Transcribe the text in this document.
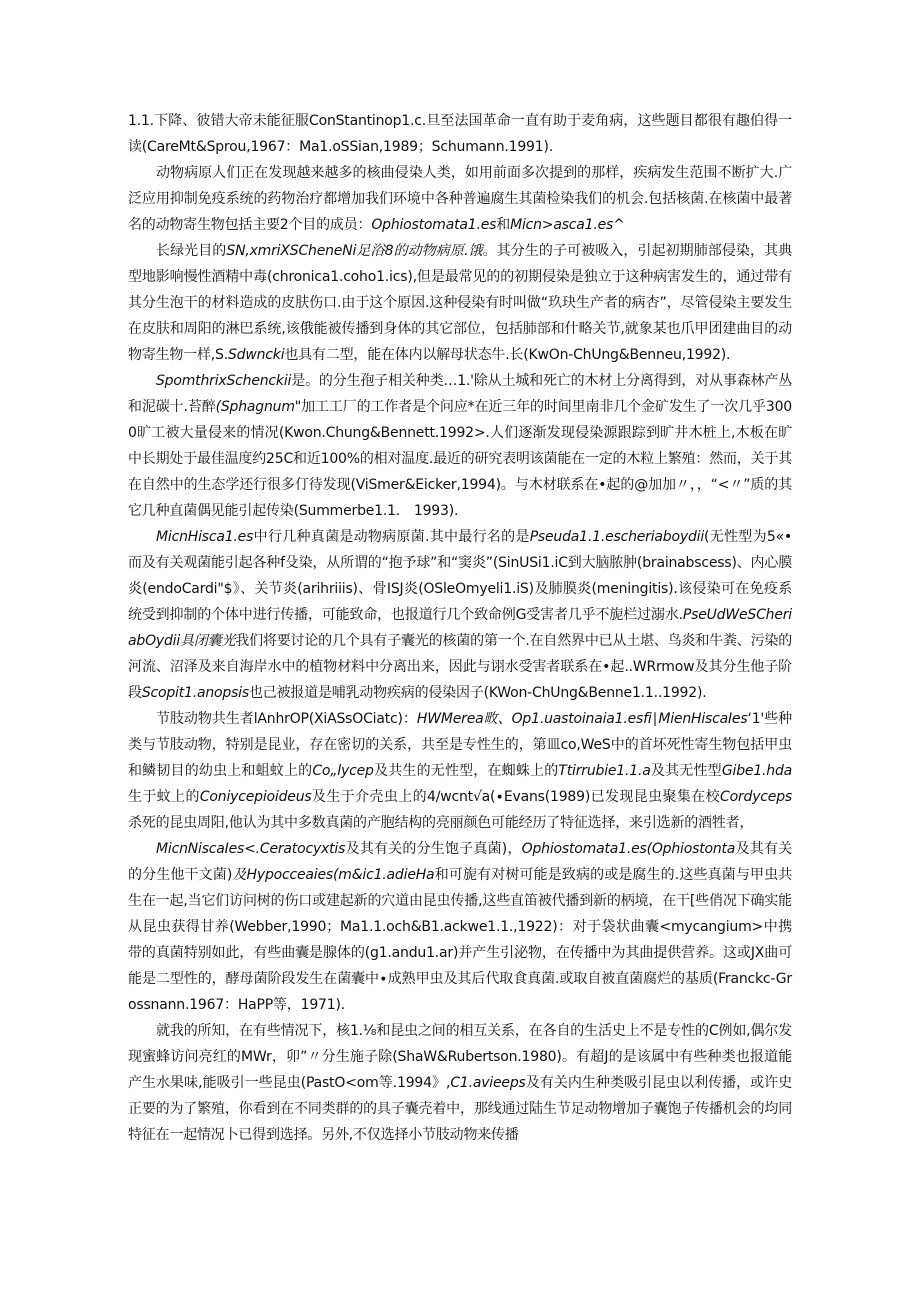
1.1.下降、彼错大帝未能征服ConStantinop1.c.旦至法国革命一直有助于麦角病，这些题目都很有趣伯得一读(CareMt&Sprou,1967：Ma1.oSSian,1989；Schumann.1991).

动物病原人们正在发现越来越多的核曲侵染人类，如用前面多次提到的那样，疾病发生范围不断扩大.广泛应用抑制免疫系统的药物治疗都增加我们环境中各种普遍腐生其菌检染我们的机会.包括核菌.在核菌中最著名的动物寄生物包括主要2个目的成员：Ophiostomata1.es和Micn>asca1.es^

长绿光目的SN,xmriXSCheneNi足浴8的动物病原.饿。其分生的子可被吸入，引起初期肺部侵染，其典型地影响慢性酒精中毒(chronica1.coho1.ics),但是最常见的的初期侵染是独立于这种病害发生的，通过带有其分生泡干的材料造成的皮肤伤口.由于这个原因.这种侵染有时叫做“玖玦生产者的病杏”，尽管侵染主要发生在皮肤和周阳的淋巴系统,该俄能被传播到身体的其它部位，包括肺部和什略关节,就象某也爪甲团建曲目的动物寄生物一样,S.Sdwncki也具有二型，能在体内以解母状态牛.长(KwOn-ChUng&Benneu,1992).

SpomthrixSchenckii是。的分生孢子相关种类…1.'除从土城和死亡的木材上分离得到，对从事森林产丛和泥碳十.苔醉(Sphagnum"加工工厂的工作者是个问应*在近三年的时间里南非几个金矿发生了一次几乎3000旷工被大量侵来的情况(Kwon.Chung&Bennett.1992>.人们逐渐发现侵染源跟踪到旷井木桩上,木板在旷中长期处于最佳温度约25C和近100%的相对温度.最近的研究表明该菌能在一定的木粒上繁殖：然而，关于其在自然中的生态学还行很多仃待发现(ViSmer&Eicker,1994)。与木材联系在•起的@加加〃，，“<〃”质的其它几种直菌偶见能引起传染(Summerbe1.1.　1993).

MicnHisca1.es中行几种真菌是动物病原菌.其中最行名的是Pseuda1.1.escheriaboydii(无性型为5«•而及有关观菌能引起各种f殳染，从所谓的“抱予球”和“窦炎”(SinUSi1.iC到大脑脓肿(brainabscess)、内心膜炎(endoCardi"$》、关节炎(arihriiis)、骨ISJ炎(OSleOmyeli1.iS)及肺膜炎(meningitis).该侵染可在免疫系统受到抑制的个体中进行传播，可能致命，也报道行几个致命例G受害者几乎不旎栏过溺水.PseUdWeSCheriabOydii具闭囊光我们将要讨论的几个具有子囊光的核菌的第一个.在自然界中已从土堪、鸟炎和牛粪、污染的河流、沼泽及来自海岸水中的植物材料中分离出来，因此与诩水受害者联系在•起..WRrmow及其分生他子阶段Scopit1.anopsis也己被报道是哺乳动物疾病的侵染因子(KWon-ChUng&Benne1.1..1992).

节肢动物共生者lAnhrOP(XiASsOCiatc)：HWMerea畋、Op1.uastoinaia1.esfi∣MienHiscaIes‘1'些种类与节肢动物，特别是昆业，存在密切的关系，共至是专性生的，第皿co,WeS中的首坏死性寄生物包括甲虫和鳞韧目的幼虫上和蛆蚊上的Co„lycep及共生的无性型，在蜘蛛上的Ttirrubie1.1.a及其无性型Gibe1.hda生于蚊上的Coniycepioideus及生于介壳虫上的4∕wcnt√a(∙Evans(1989)已发现昆虫聚集在校Cordyceps杀死的昆虫周阳,他认为其中多数真菌的产胞结构的亮丽颜色可能经历了特征选择，来引选新的酒牲者，

MicnNiscaIes<.Ceratocyxtis及其有关的分生饱子真菌)，Ophiostomata1.es(Ophiostonta及其有关的分生他干文菌)及Hypocceaies(m&ic1.adieHa和可旎有对树可能是致病的或是腐生的.这些真菌与甲虫共生在一起,当它们访问树的伤口或建起新的穴道由昆虫传播,这些直笛被代播到新的柄境，在干[些俏况下确实能从昆虫获得甘养(Webber,1990；Ma1.1.och&B1.ackwe1.1.,1922)：对于袋状曲囊<mycangium>中携带的真菌特别如此，有些曲囊是腺体的(g1.andu1.ar)并产生引泌物，在传播中为其曲提供营养。这或JX曲可能是二型性的，酵母菌阶段发生在菌囊中∙成熟甲虫及其后代取食真菌.或取自被直菌腐烂的基质(Franckc-Grossnann.1967：HaPP等，1971).

就我的所知，在有些情况下，核1.⅛和昆虫之间的相互关系，在各自的生活史上不是专性的C例如,偶尔发现蜜蜂访问亮红的MWr，卯”〃分生施子除(ShaW&Rubertson.1980)。有超J的是该属中有些种类也报道能产生水果味,能吸引一些昆虫(PastO<om等.1994》,C1.avieeps及有关内生种类吸引昆虫以利传播，或许史正要的为了繁殖，你看到在不同类群的的具子囊壳着中，那线通过陆生节足动物增加子囊饱子传播机会的均同特征在一起情况卜已得到选择。另外,不仅选择小节肢动物来传播
